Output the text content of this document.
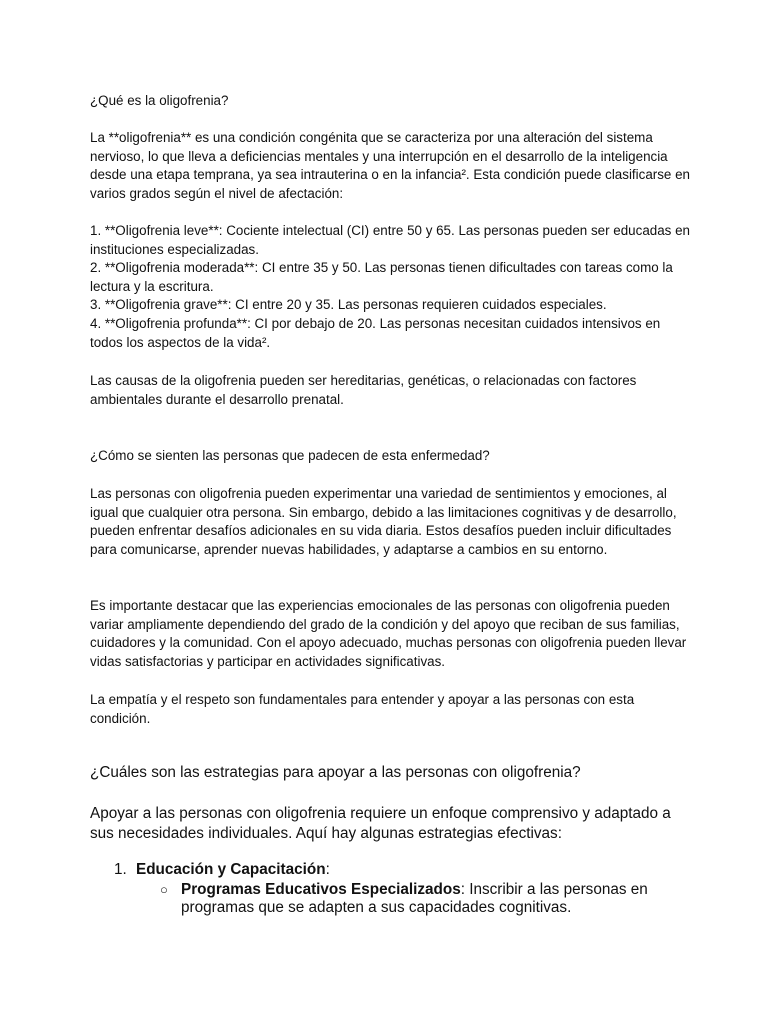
¿Qué es la oligofrenia?

La **oligofrenia** es una condición congénita que se caracteriza por una alteración del sistema nervioso, lo que lleva a deficiencias mentales y una interrupción en el desarrollo de la inteligencia desde una etapa temprana, ya sea intrauterina o en la infancia². Esta condición puede clasificarse en varios grados según el nivel de afectación:

1. **Oligofrenia leve**: Cociente intelectual (CI) entre 50 y 65. Las personas pueden ser educadas en instituciones especializadas.
2. **Oligofrenia moderada**: CI entre 35 y 50. Las personas tienen dificultades con tareas como la lectura y la escritura.
3. **Oligofrenia grave**: CI entre 20 y 35. Las personas requieren cuidados especiales.
4. **Oligofrenia profunda**: CI por debajo de 20. Las personas necesitan cuidados intensivos en todos los aspectos de la vida².

Las causas de la oligofrenia pueden ser hereditarias, genéticas, o relacionadas con factores ambientales durante el desarrollo prenatal.

¿Cómo se sienten las personas que padecen de esta enfermedad?

Las personas con oligofrenia pueden experimentar una variedad de sentimientos y emociones, al igual que cualquier otra persona. Sin embargo, debido a las limitaciones cognitivas y de desarrollo, pueden enfrentar desafíos adicionales en su vida diaria. Estos desafíos pueden incluir dificultades para comunicarse, aprender nuevas habilidades, y adaptarse a cambios en su entorno.

Es importante destacar que las experiencias emocionales de las personas con oligofrenia pueden variar ampliamente dependiendo del grado de la condición y del apoyo que reciban de sus familias, cuidadores y la comunidad. Con el apoyo adecuado, muchas personas con oligofrenia pueden llevar vidas satisfactorias y participar en actividades significativas.

La empatía y el respeto son fundamentales para entender y apoyar a las personas con esta condición.

¿Cuáles son las estrategias para apoyar a las personas con oligofrenia?

Apoyar a las personas con oligofrenia requiere un enfoque comprensivo y adaptado a sus necesidades individuales. Aquí hay algunas estrategias efectivas:

1. Educación y Capacitación:
○ Programas Educativos Especializados: Inscribir a las personas en programas que se adapten a sus capacidades cognitivas.
